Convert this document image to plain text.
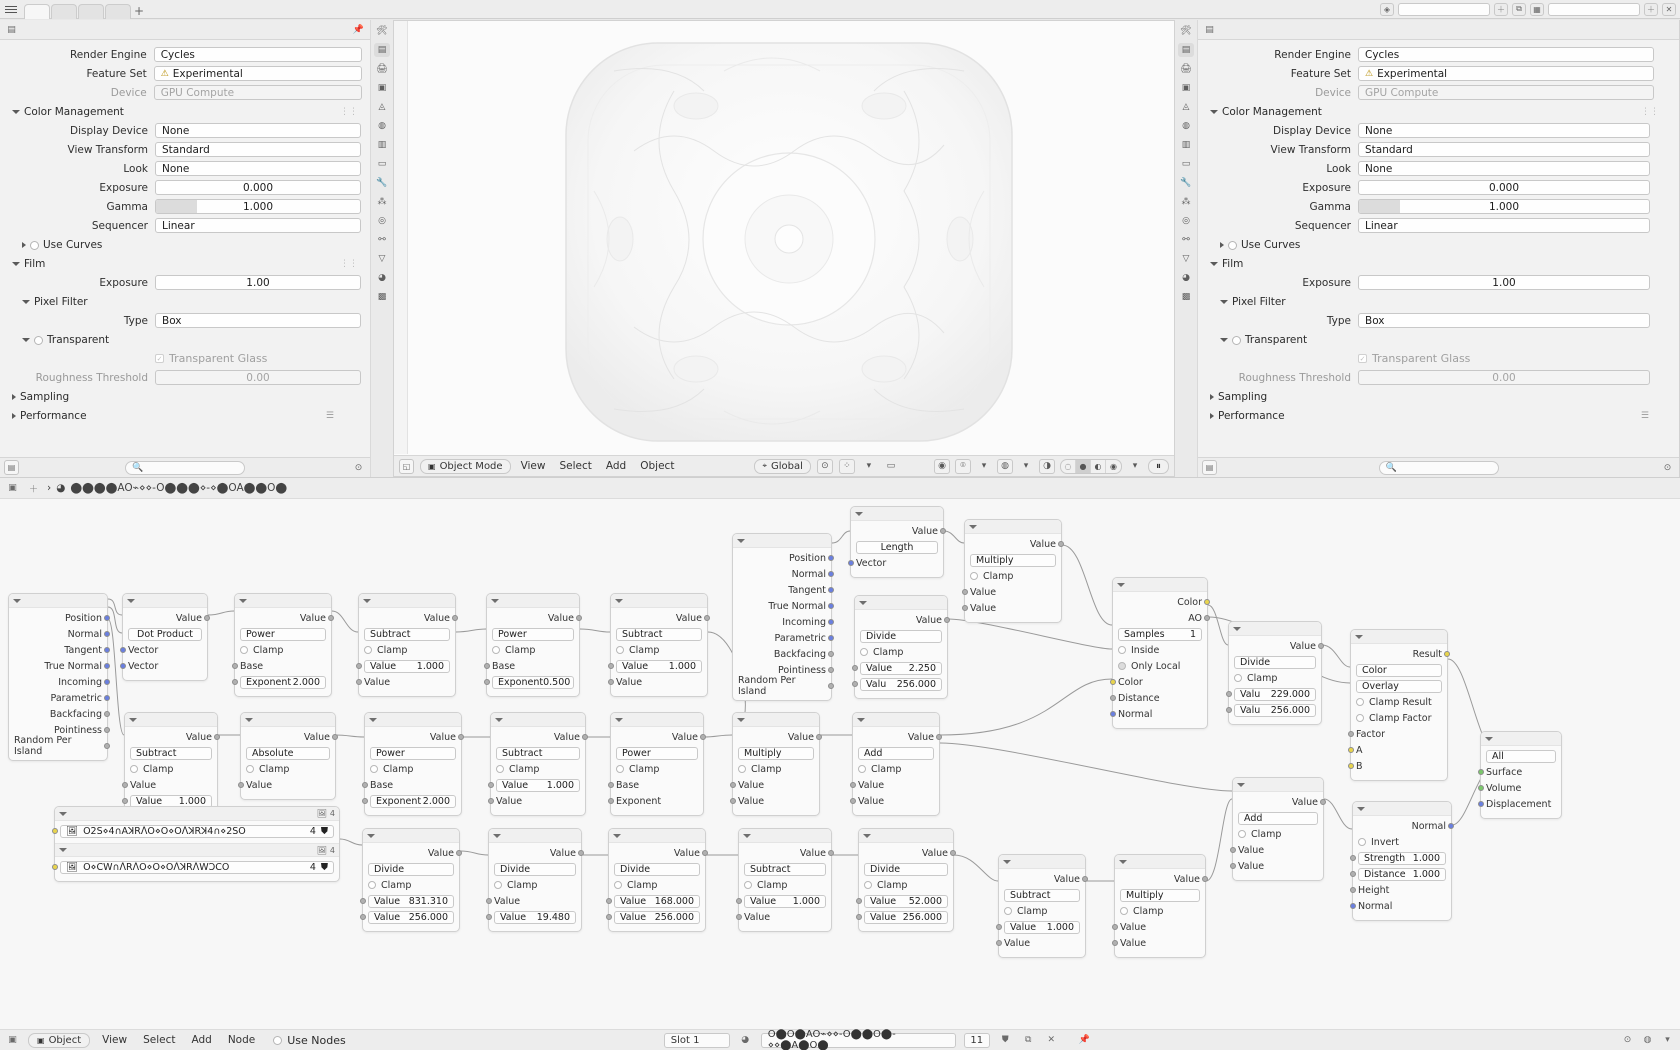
+	◈	＋	⧉	▦	＋	✕
🛠
▤
🖨
▣
◬
◍
▥
▭
🔧
⁂
◎
⚯
▽
◕
▩
▤	📌
Render Engine	Cycles
Feature Set	⚠ Experimental
Device	GPU Compute
Color Management	⋮⋮
Display Device	None
View Transform	Standard
Look	None
Exposure	0.000
Gamma	1.000
Sequencer	Linear
Use Curves
Film	⋮⋮
Exposure	1.00
Pixel Filter
Type	Box
Transparent
✓ Transparent Glass
Roughness Threshold	0.00
Sampling
Performance	☰
▤	🔍	⊙	◱	▣ Object Mode	View	Select	Add	Object	⌖ Global	⊙	⁘	▾	▭	◉	⌾	▾	◍	▾	◑	◌	●	◐	◉	▾	⏸
🛠
▤
🖨
▣
◬
◍
▥
▭
🔧
⁂
◎
⚯
▽
◕
▩
▤
Render Engine	Cycles
Feature Set	⚠ Experimental
Device	GPU Compute
Color Management	⋮⋮
Display Device	None
View Transform	Standard
Look	None
Exposure	0.000
Gamma	1.000
Sequencer	Linear
Use Curves
Film
Exposure	1.00
Pixel Filter
Type	Box
Transparent
✓ Transparent Glass
Roughness Threshold	0.00
Sampling
Performance	☰
▤	🔍	⊙
▣	＋ › ◕ ⬤⬤⬤⬤AO⌁⋄⋄-O⬤⬤⬤⋄-⋄⬤OA⬤⬤O⬤
Position
Normal
Tangent
True Normal
Incoming
Parametric
Backfacing
Pointiness
Random Per Island
Value
Dot Product
Vector
Vector
Value
Power
Clamp
Base
Exponent 2.000
Value
Subtract
Clamp
Value 1.000
Value
Value
Power
Clamp
Base
Exponent 0.500
Value
Subtract
Clamp
Value 1.000
Value
Position
Normal
Tangent
True Normal
Incoming
Parametric
Backfacing
Pointiness
Random Per Island
Value
Length
Vector
Value
Multiply
Clamp
Value
Value
Value
Divide
Clamp
Value 2.250
Valu 256.000
Color
AO
Samples	1
Inside
Only Local
Color
Distance
Normal
Value
Divide
Clamp
Valu 229.000
Valu 256.000
Result
Color
Overlay
Clamp Result
Clamp Factor
Factor
A
B
All
Surface
Volume
Displacement
Value
Subtract
Clamp
Value
Value 1.000
Value
Absolute
Clamp
Value
Value
Power
Clamp
Base
Exponent 2.000
Value
Subtract
Clamp
Value 1.000
Value
Value
Power
Clamp
Base
Exponent
Value
Multiply
Clamp
Value
Value
Value
Add
Clamp
Value
Value	Value
Add
Clamp
Value
Value
Normal
Invert
Strength 1.000
Distance 1.000
Height
Normal
Value
Divide
Clamp
Value 831.310
Value 256.000
Value
Divide
Clamp
Value
Value 19.480
Value
Divide
Clamp
Value 168.000
Value 256.000
Value
Subtract
Clamp
Value 1.000
Value
Value
Divide
Clamp
Value 52.000
Value 256.000
Value
Subtract
Clamp
Value 1.000
Value
Value
Multiply
Clamp
Value
Value
🖼 4
🖼 O2S⋄4∩AꓘRᐱO⋄O⋄OᐱꓘRꓘ4∩⋄2SO	4 ⛊
🖼 4
🖼 O⋄CW∩ᐱRᐱO⋄O⋄OᐱꓘRᐱWϽCO	4 ⛊
▣	▣ Object	View	Select	Add	Node	Use Nodes	Slot 1	◕	O⬤O⬤AO⌁⋄⋄-O⬤⬤O⬤-⋄⋄⬤A⬤O⬤	11	⛊	⧉	✕	📌	⊙	◍	▾
